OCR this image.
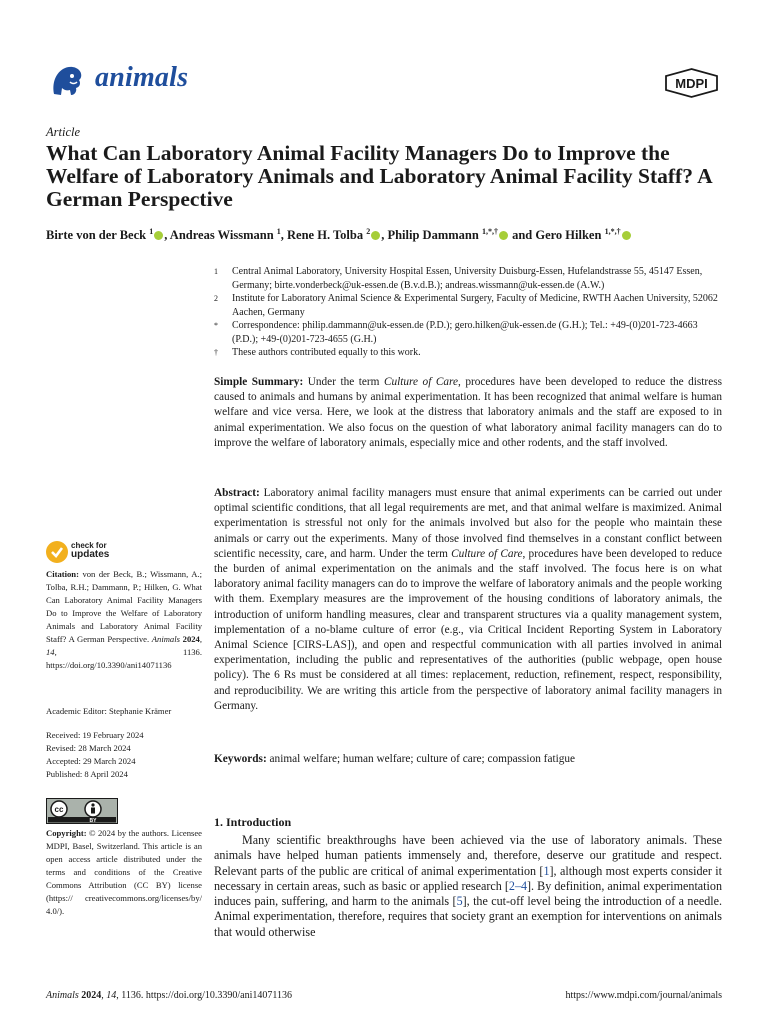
animals	MDPI
Article
What Can Laboratory Animal Facility Managers Do to Improve the Welfare of Laboratory Animals and Laboratory Animal Facility Staff? A German Perspective
Birte von der Beck $^1$ , Andreas Wissmann $^1$, Rene H. Tolba $^2$ , Philip Dammann $^{1,*,\dagger}$ and Gero Hilken $^{1,*,\dagger}$
1	Central Animal Laboratory, University Hospital Essen, University Duisburg-Essen, Hufelandstrasse 55, 45147 Essen, Germany; birte.vonderbeck@uk-essen.de (B.v.d.B.); andreas.wissmann@uk-essen.de (A.W.)
2	Institute for Laboratory Animal Science & Experimental Surgery, Faculty of Medicine, RWTH Aachen University, 52062 Aachen, Germany
*	Correspondence: philip.dammann@uk-essen.de (P.D.); gero.hilken@uk-essen.de (G.H.); Tel.: +49-(0)201-723-4663 (P.D.); +49-(0)201-723-4655 (G.H.)
†	These authors contributed equally to this work.
Simple Summary: Under the term Culture of Care, procedures have been developed to reduce the distress caused to animals and humans by animal experimentation. It has been recognized that animal welfare is human welfare and vice versa. Here, we look at the distress that laboratory animals and the staff are exposed to in animal experimentation. We also focus on the question of what laboratory animal facility managers can do to improve the welfare of laboratory animals, especially mice and other rodents, and the staff involved.
Abstract: Laboratory animal facility managers must ensure that animal experiments can be carried out under optimal scientific conditions, that all legal requirements are met, and that animal welfare is maximized. Animal experimentation is stressful not only for the animals involved but also for the people who maintain these animals or carry out the experiments. Many of those involved find themselves in a constant conflict between scientific necessity, care, and harm. Under the term Culture of Care, procedures have been developed to reduce the burden of animal experimentation on the animals and the staff involved. The focus here is on what laboratory animal facility managers can do to improve the welfare of laboratory animals and the people working with them. Exemplary measures are the improvement of the housing conditions of laboratory animals, the introduction of uniform handling measures, clear and transparent structures via a quality management system, implementation of a no-blame culture of error (e.g., via Critical Incident Reporting System in Laboratory Animal Science [CIRS-LAS]), and open and respectful communication with all parties involved in animal experimentation, including the public and representatives of the authorities (public webpage, open house policy). The 6 Rs must be considered at all times: replacement, reduction, refinement, respect, responsibility, and reproducibility. We are writing this article from the perspective of laboratory animal facility managers in Germany.
Keywords: animal welfare; human welfare; culture of care; compassion fatigue
check for
updates
Citation: von der Beck, B.; Wissmann, A.; Tolba, R.H.; Dammann, P.; Hilken, G. What Can Laboratory Animal Facility Managers Do to Improve the Welfare of Laboratory Animals and Laboratory Animal Facility Staff? A German Perspective. Animals 2024, 14, 1136. https://doi.org/10.3390/ani14071136
Academic Editor: Stephanie Krämer
Received: 19 February 2024
Revised: 28 March 2024
Accepted: 29 March 2024
Published: 8 April 2024
cc
BY
Copyright: © 2024 by the authors. Licensee MDPI, Basel, Switzerland. This article is an open access article distributed under the terms and conditions of the Creative Commons Attribution (CC BY) license (https:// creativecommons.org/licenses/by/ 4.0/).
1. Introduction
Many scientific breakthroughs have been achieved via the use of laboratory animals. These animals have helped human patients immensely and, therefore, deserve our gratitude and respect. Relevant parts of the public are critical of animal experimentation [1], although most experts consider it necessary in certain areas, such as basic or applied research [2–4]. By definition, animal experimentation induces pain, suffering, and harm to the animals [5], the cut-off level being the introduction of a needle. Animal experimentation, therefore, requires that society grant an exemption for interventions on animals that would otherwise
Animals 2024, 14, 1136. https://doi.org/10.3390/ani14071136	https://www.mdpi.com/journal/animals
